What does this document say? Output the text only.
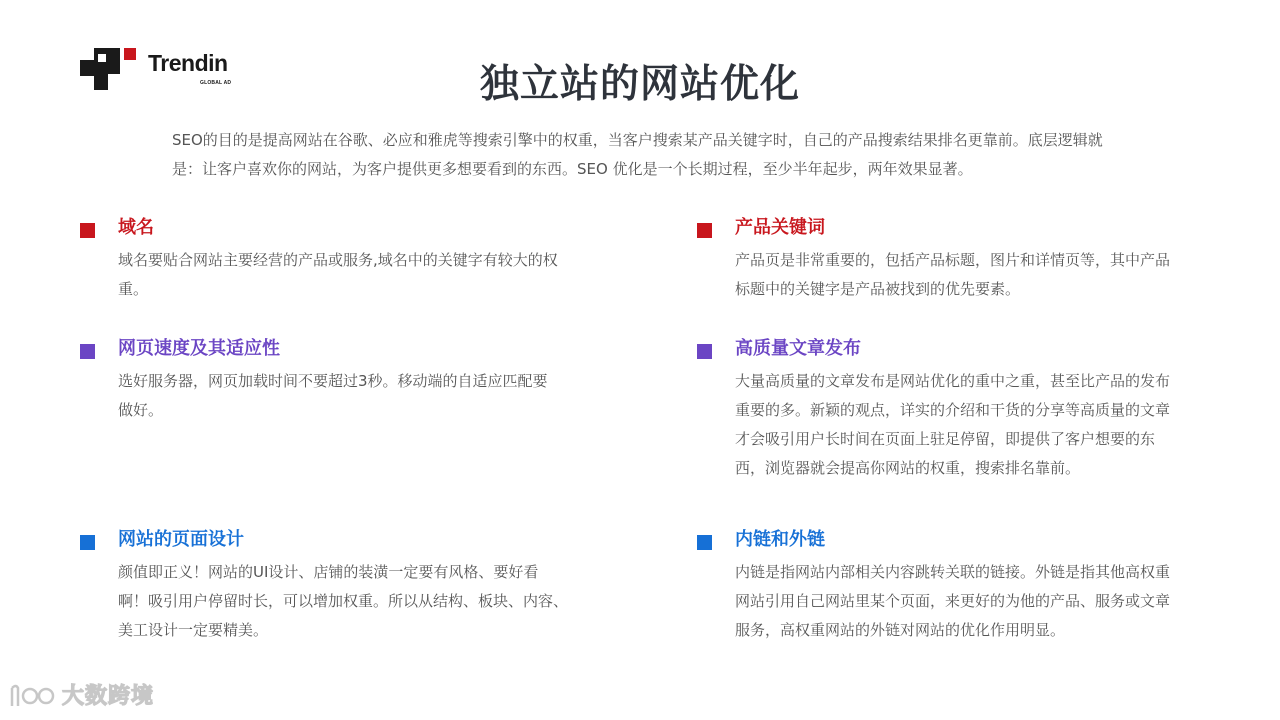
Trendin
GLOBAL AD	独立站的网站优化
SEO的目的是提高网站在谷歌、必应和雅虎等搜索引擎中的权重，当客户搜索某产品关键字时，自己的产品搜索结果排名更靠前。底层逻辑就是：让客户喜欢你的网站，为客户提供更多想要看到的东西。SEO 优化是一个长期过程，至少半年起步，两年效果显著。
域名
域名要贴合网站主要经营的产品或服务,域名中的关键字有较大的权重。
产品关键词
产品页是非常重要的，包括产品标题，图片和详情页等，其中产品标题中的关键字是产品被找到的优先要素。
网页速度及其适应性
选好服务器，网页加载时间不要超过3秒。移动端的自适应匹配要做好。
高质量文章发布
大量高质量的文章发布是网站优化的重中之重，甚至比产品的发布重要的多。新颖的观点，详实的介绍和干货的分享等高质量的文章才会吸引用户长时间在页面上驻足停留，即提供了客户想要的东西，浏览器就会提高你网站的权重，搜索排名靠前。
网站的页面设计
颜值即正义！网站的UI设计、店铺的装潢一定要有风格、要好看啊！吸引用户停留时长，可以增加权重。所以从结构、板块、内容、美工设计一定要精美。
内链和外链
内链是指网站内部相关内容跳转关联的链接。外链是指其他高权重网站引用自己网站里某个页面，来更好的为他的产品、服务或文章服务，高权重网站的外链对网站的优化作用明显。
大数跨境
